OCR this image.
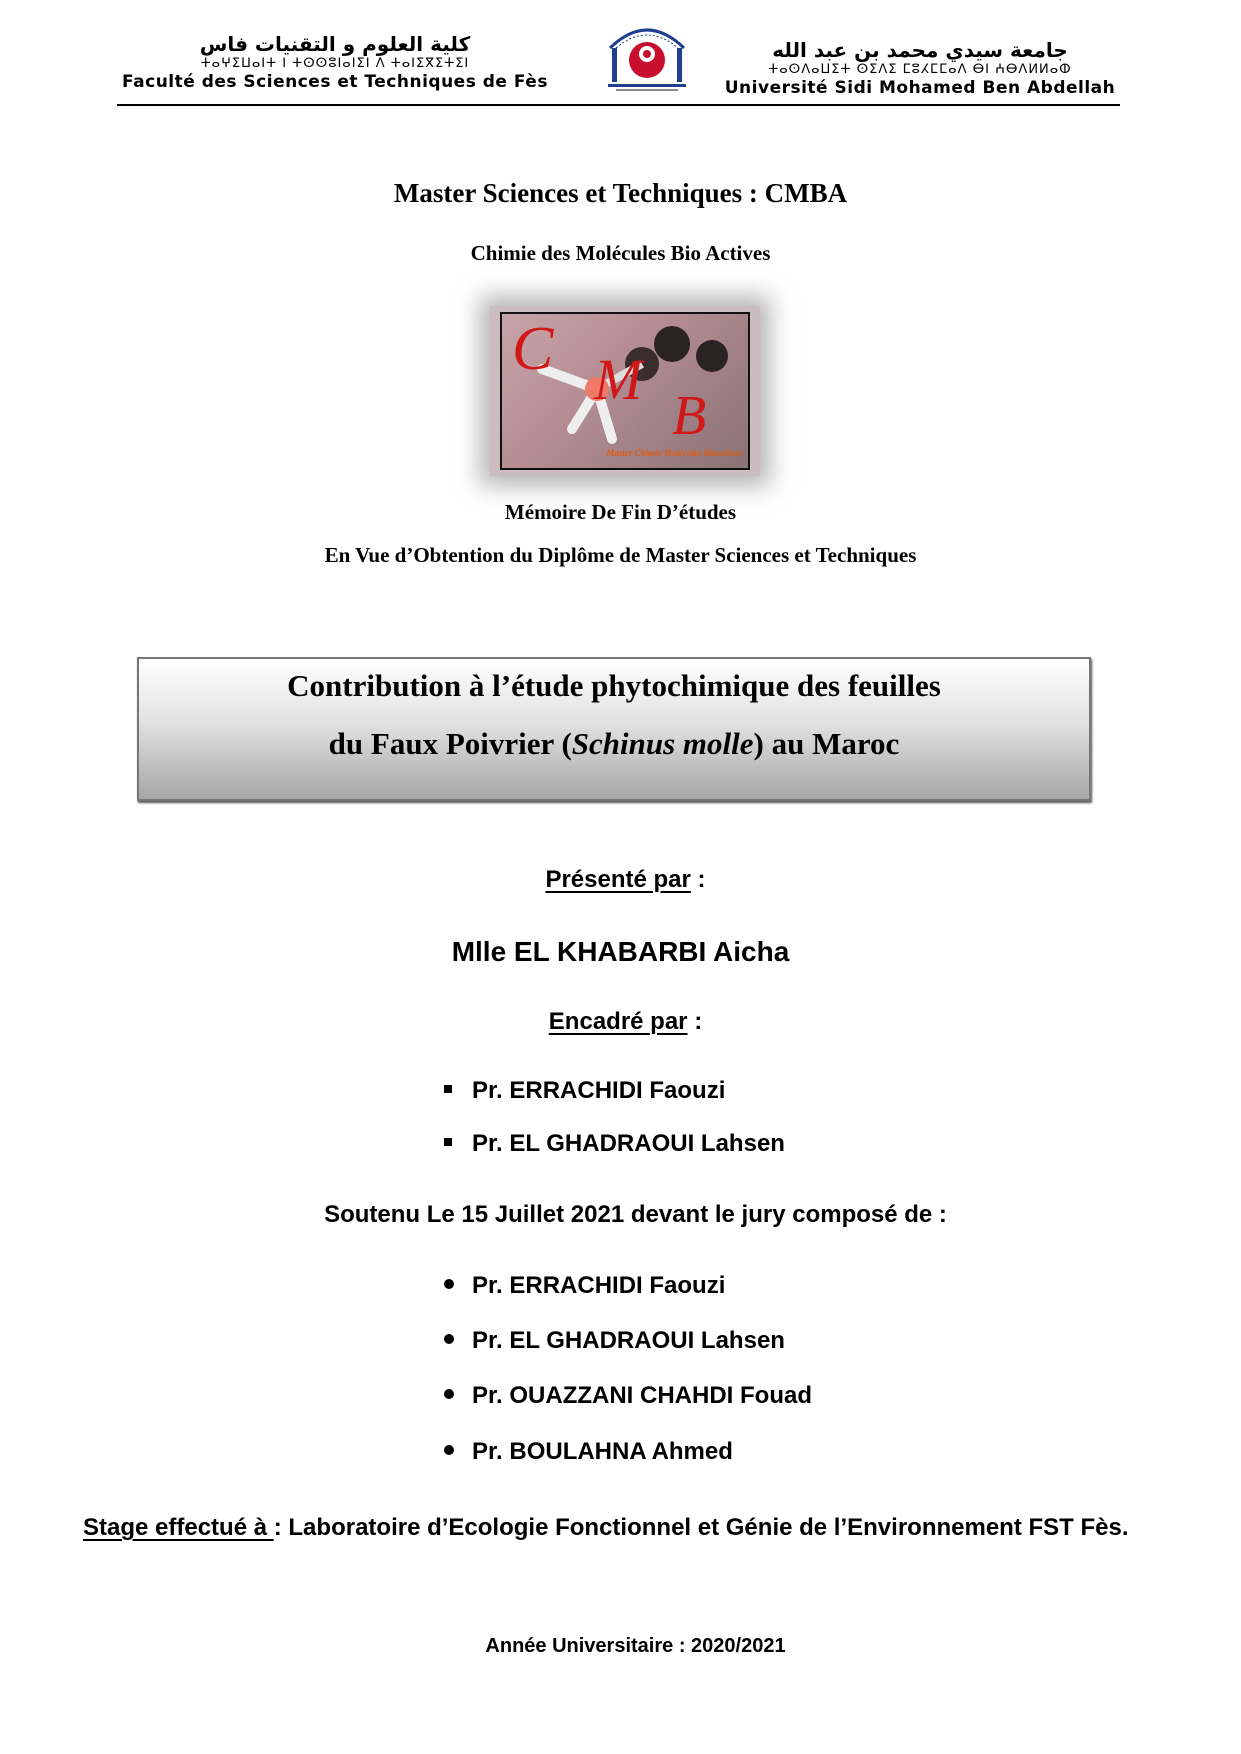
كلية العلوم و التقنيات فاس
ⵜⴰⵖⵉⵡⴰⵏⵜ ⵏ ⵜⵙⵙⵓⵏⴰⵏⵉⵏ ⴷ ⵜⴰⵏⵉⴳⵉⵜⵉⵏ
Faculté des Sciences et Techniques de Fès
جامعة سيدي محمد بن عبد الله
ⵜⴰⵙⴷⴰⵡⵉⵜ ⵙⵉⴷⵉ ⵎⵓⵃⵎⵎⴰⴷ ⴱⵏ ⵄⴱⴷⵍⵍⴰⵀ
Université Sidi Mohamed Ben Abdellah
Master Sciences et Techniques : CMBA
Chimie des Molécules Bio Actives
C M
B
Master Chimie Molécules Bioactives
Mémoire De Fin D’études
En Vue d’Obtention du Diplôme de Master Sciences et Techniques
Contribution à l’étude phytochimique des feuilles
du Faux Poivrier (Schinus molle) au Maroc
Présenté par :
Mlle EL KHABARBI Aicha
Encadré par :
Pr. ERRACHIDI Faouzi
Pr. EL GHADRAOUI Lahsen
Soutenu Le 15 Juillet 2021 devant le jury composé de :
Pr. ERRACHIDI Faouzi
Pr. EL GHADRAOUI Lahsen
Pr. OUAZZANI CHAHDI Fouad
Pr. BOULAHNA Ahmed
Stage effectué à : Laboratoire d’Ecologie Fonctionnel et Génie de l’Environnement FST Fès.
Année Universitaire : 2020/2021
